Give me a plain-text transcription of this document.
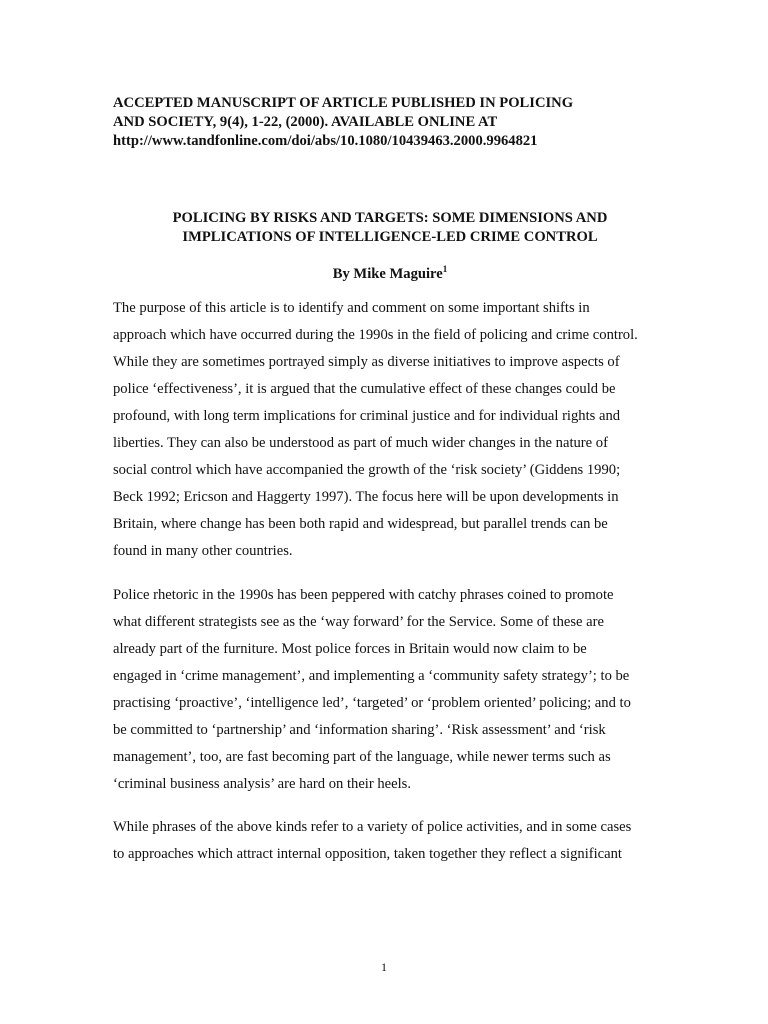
ACCEPTED MANUSCRIPT OF ARTICLE PUBLISHED IN POLICING
AND SOCIETY, 9(4), 1-22, (2000). AVAILABLE ONLINE AT
http://www.tandfonline.com/doi/abs/10.1080/10439463.2000.9964821
POLICING BY RISKS AND TARGETS: SOME DIMENSIONS AND
IMPLICATIONS OF INTELLIGENCE-LED CRIME CONTROL
By Mike Maguire$^1$
The purpose of this article is to identify and comment on some important shifts in
approach which have occurred during the 1990s in the field of policing and crime control.
While they are sometimes portrayed simply as diverse initiatives to improve aspects of
police ‘effectiveness’, it is argued that the cumulative effect of these changes could be
profound, with long term implications for criminal justice and for individual rights and
liberties. They can also be understood as part of much wider changes in the nature of
social control which have accompanied the growth of the ‘risk society’ (Giddens 1990;
Beck 1992; Ericson and Haggerty 1997). The focus here will be upon developments in
Britain, where change has been both rapid and widespread, but parallel trends can be
found in many other countries.
Police rhetoric in the 1990s has been peppered with catchy phrases coined to promote
what different strategists see as the ‘way forward’ for the Service. Some of these are
already part of the furniture. Most police forces in Britain would now claim to be
engaged in ‘crime management’, and implementing a ‘community safety strategy’; to be
practising ‘proactive’, ‘intelligence led’, ‘targeted’ or ‘problem oriented’ policing; and to
be committed to ‘partnership’ and ‘information sharing’. ‘Risk assessment’ and ‘risk
management’, too, are fast becoming part of the language, while newer terms such as
‘criminal business analysis’ are hard on their heels.
While phrases of the above kinds refer to a variety of police activities, and in some cases
to approaches which attract internal opposition, taken together they reflect a significant
1
